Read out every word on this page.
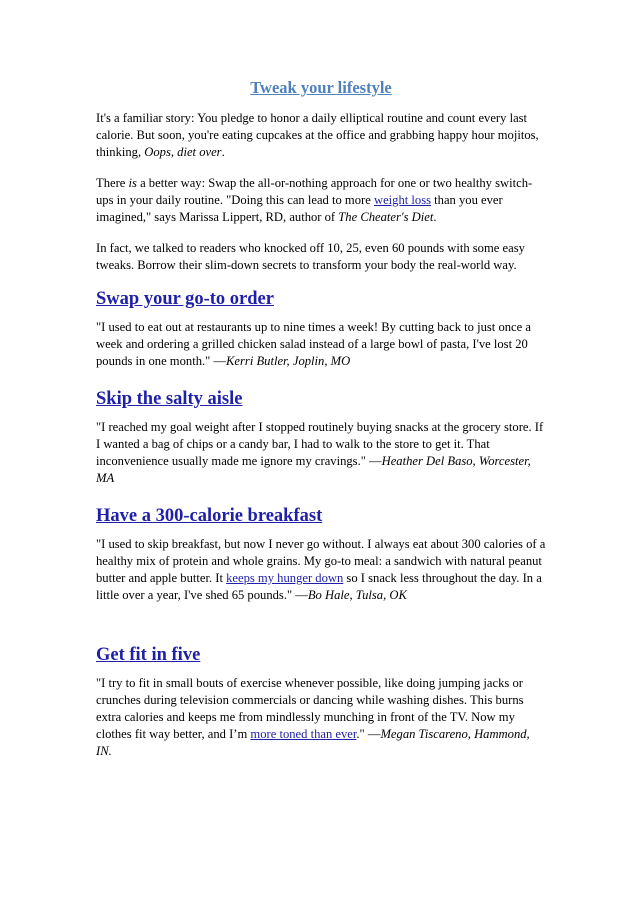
Tweak your lifestyle

It's a familiar story: You pledge to honor a daily elliptical routine and count every last calorie. But soon, you're eating cupcakes at the office and grabbing happy hour mojitos, thinking, Oops, diet over.

There is a better way: Swap the all-or-nothing approach for one or two healthy switch-ups in your daily routine. "Doing this can lead to more weight loss than you ever imagined," says Marissa Lippert, RD, author of The Cheater's Diet.

In fact, we talked to readers who knocked off 10, 25, even 60 pounds with some easy tweaks. Borrow their slim-down secrets to transform your body the real-world way.

Swap your go-to order

"I used to eat out at restaurants up to nine times a week! By cutting back to just once a week and ordering a grilled chicken salad instead of a large bowl of pasta, I've lost 20 pounds in one month." —Kerri Butler, Joplin, MO

Skip the salty aisle

"I reached my goal weight after I stopped routinely buying snacks at the grocery store. If I wanted a bag of chips or a candy bar, I had to walk to the store to get it. That inconvenience usually made me ignore my cravings." —Heather Del Baso, Worcester, MA

Have a 300-calorie breakfast

"I used to skip breakfast, but now I never go without. I always eat about 300 calories of a healthy mix of protein and whole grains. My go-to meal: a sandwich with natural peanut butter and apple butter. It keeps my hunger down so I snack less throughout the day. In a little over a year, I've shed 65 pounds." —Bo Hale, Tulsa, OK

Get fit in five

"I try to fit in small bouts of exercise whenever possible, like doing jumping jacks or crunches during television commercials or dancing while washing dishes. This burns extra calories and keeps me from mindlessly munching in front of the TV. Now my clothes fit way better, and I’m more toned than ever." —Megan Tiscareno, Hammond, IN.
